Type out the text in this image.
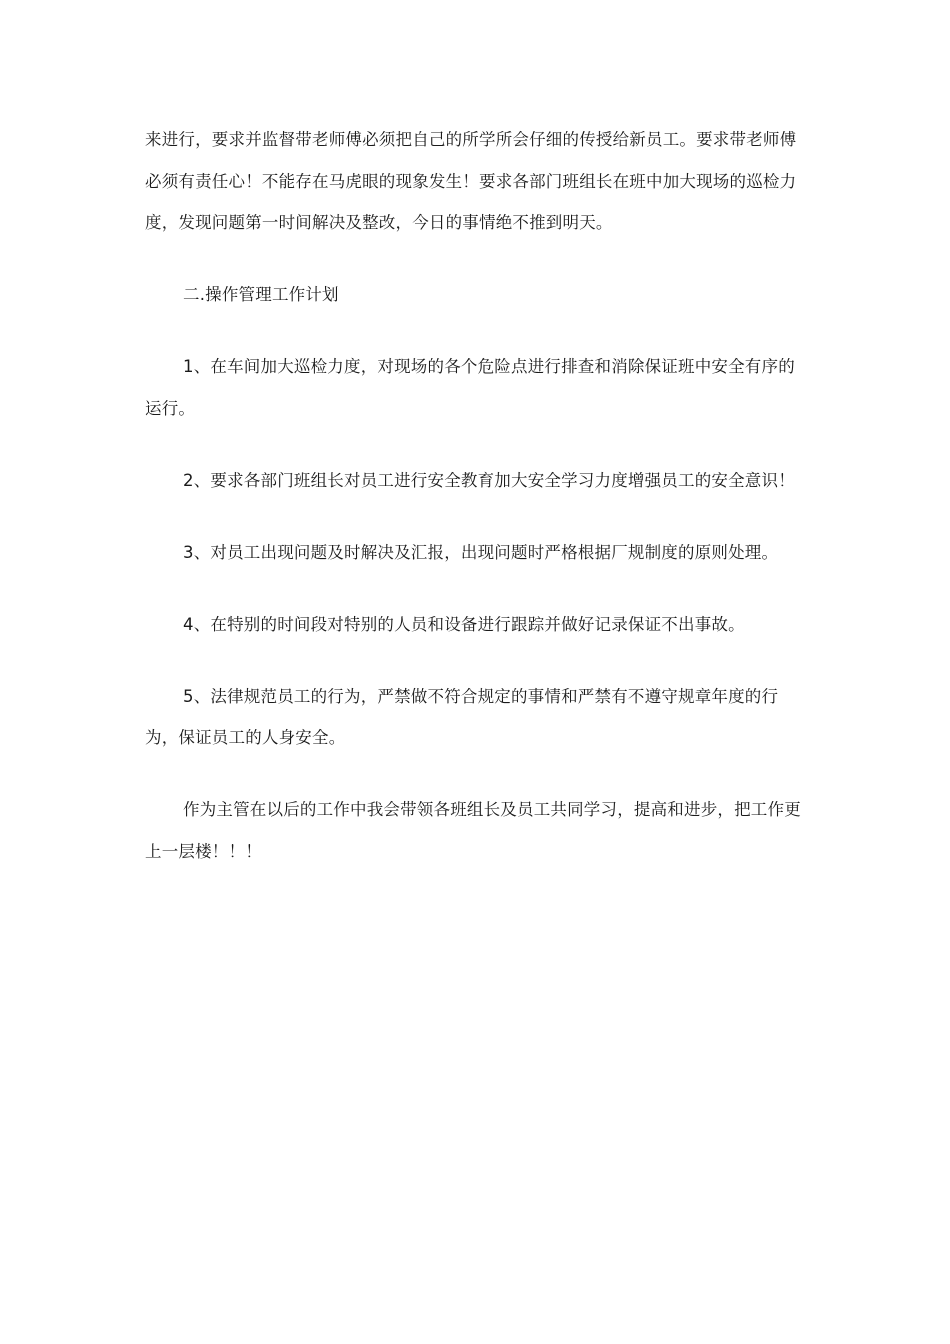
来进行，要求并监督带老师傅必须把自己的所学所会仔细的传授给新员工。要求带老师傅必须有责任心！不能存在马虎眼的现象发生！要求各部门班组长在班中加大现场的巡检力度，发现问题第一时间解决及整改，今日的事情绝不推到明天。

二.操作管理工作计划

1、在车间加大巡检力度，对现场的各个危险点进行排查和消除保证班中安全有序的运行。

2、要求各部门班组长对员工进行安全教育加大安全学习力度增强员工的安全意识！

3、对员工出现问题及时解决及汇报，出现问题时严格根据厂规制度的原则处理。

4、在特别的时间段对特别的人员和设备进行跟踪并做好记录保证不出事故。

5、法律规范员工的行为，严禁做不符合规定的事情和严禁有不遵守规章年度的行为，保证员工的人身安全。

作为主管在以后的工作中我会带领各班组长及员工共同学习，提高和进步，把工作更上一层楼！！！
